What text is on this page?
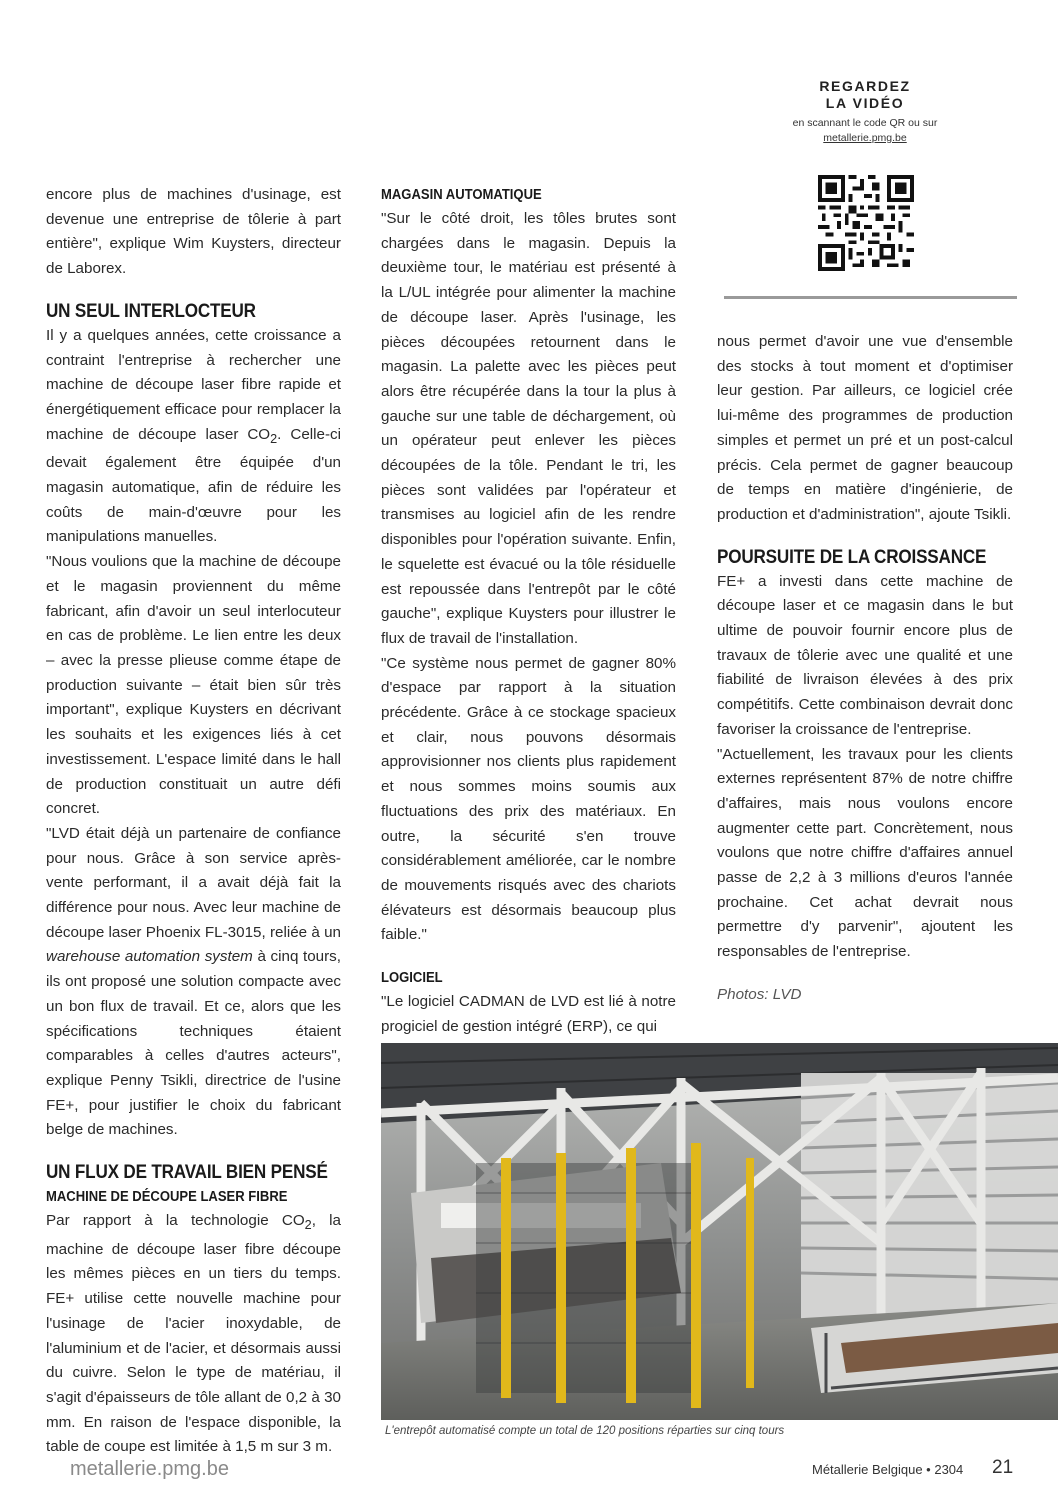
REGARDEZ
LA VIDÉO
en scannant le code QR ou sur
metallerie.pmg.be

encore plus de machines d'usinage, est devenue une entreprise de tôlerie à part entière", explique Wim Kuysters, directeur de Laborex.

UN SEUL INTERLOCTEUR

Il y a quelques années, cette croissance a contraint l'entreprise à rechercher une machine de découpe laser fibre rapide et énergétiquement efficace pour remplacer la machine de découpe laser $CO_2$. Celle-ci devait également être équipée d'un magasin automatique, afin de réduire les coûts de main-d'œuvre pour les manipulations manuelles.

"Nous voulions que la machine de découpe et le magasin proviennent du même fabricant, afin d'avoir un seul interlocuteur en cas de problème. Le lien entre les deux – avec la presse plieuse comme étape de production suivante – était bien sûr très important", explique Kuysters en décrivant les souhaits et les exigences liés à cet investissement. L'espace limité dans le hall de production constituait un autre défi concret.

"LVD était déjà un partenaire de confiance pour nous. Grâce à son service après-vente performant, il a avait déjà fait la différence pour nous. Avec leur machine de découpe laser Phoenix FL-3015, reliée à un warehouse automation system à cinq tours, ils ont proposé une solution compacte avec un bon flux de travail. Et ce, alors que les spécifications techniques étaient comparables à celles d'autres acteurs", explique Penny Tsikli, directrice de l'usine FE+, pour justifier le choix du fabricant belge de machines.

UN FLUX DE TRAVAIL BIEN PENSÉ
MACHINE DE DÉCOUPE LASER FIBRE

Par rapport à la technologie $CO_2$, la machine de découpe laser fibre découpe les mêmes pièces en un tiers du temps. FE+ utilise cette nouvelle machine pour l'usinage de l'acier inoxydable, de l'aluminium et de l'acier, et désormais aussi du cuivre. Selon le type de matériau, il s'agit d'épaisseurs de tôle allant de 0,2 à 30 mm. En raison de l'espace disponible, la table de coupe est limitée à 1,5 m sur 3 m.

MAGASIN AUTOMATIQUE

"Sur le côté droit, les tôles brutes sont chargées dans le magasin. Depuis la deuxième tour, le matériau est présenté à la L/UL intégrée pour alimenter la machine de découpe laser. Après l'usinage, les pièces découpées retournent dans le magasin. La palette avec les pièces peut alors être récupérée dans la tour la plus à gauche sur une table de déchargement, où un opérateur peut enlever les pièces découpées de la tôle. Pendant le tri, les pièces sont validées par l'opérateur et transmises au logiciel afin de les rendre disponibles pour l'opération suivante. Enfin, le squelette est évacué ou la tôle résiduelle est repoussée dans l'entrepôt par le côté gauche", explique Kuysters pour illustrer le flux de travail de l'installation.

"Ce système nous permet de gagner 80% d'espace par rapport à la situation précédente. Grâce à ce stockage spacieux et clair, nous pouvons désormais approvisionner nos clients plus rapidement et nous sommes moins soumis aux fluctuations des prix des matériaux. En outre, la sécurité s'en trouve considérablement améliorée, car le nombre de mouvements risqués avec des chariots élévateurs est désormais beaucoup plus faible."

LOGICIEL

"Le logiciel CADMAN de LVD est lié à notre progiciel de gestion intégré (ERP), ce qui

nous permet d'avoir une vue d'ensemble des stocks à tout moment et d'optimiser leur gestion. Par ailleurs, ce logiciel crée lui-même des programmes de production simples et permet un pré et un post-calcul précis. Cela permet de gagner beaucoup de temps en matière d'ingénierie, de production et d'administration", ajoute Tsikli.

POURSUITE DE LA CROISSANCE

FE+ a investi dans cette machine de découpe laser et ce magasin dans le but ultime de pouvoir fournir encore plus de travaux de tôlerie avec une qualité et une fiabilité de livraison élevées à des prix compétitifs. Cette combinaison devrait donc favoriser la croissance de l'entreprise.

"Actuellement, les travaux pour les clients externes représentent 87% de notre chiffre d'affaires, mais nous voulons encore augmenter cette part. Concrètement, nous voulons que notre chiffre d'affaires annuel passe de 2,2 à 3 millions d'euros l'année prochaine. Cet achat devrait nous permettre d'y parvenir", ajoutent les responsables de l'entreprise.

Photos: LVD

L'entrepôt automatisé compte un total de 120 positions réparties sur cinq tours
metallerie.pmg.be	Métallerie Belgique • 2304 21
